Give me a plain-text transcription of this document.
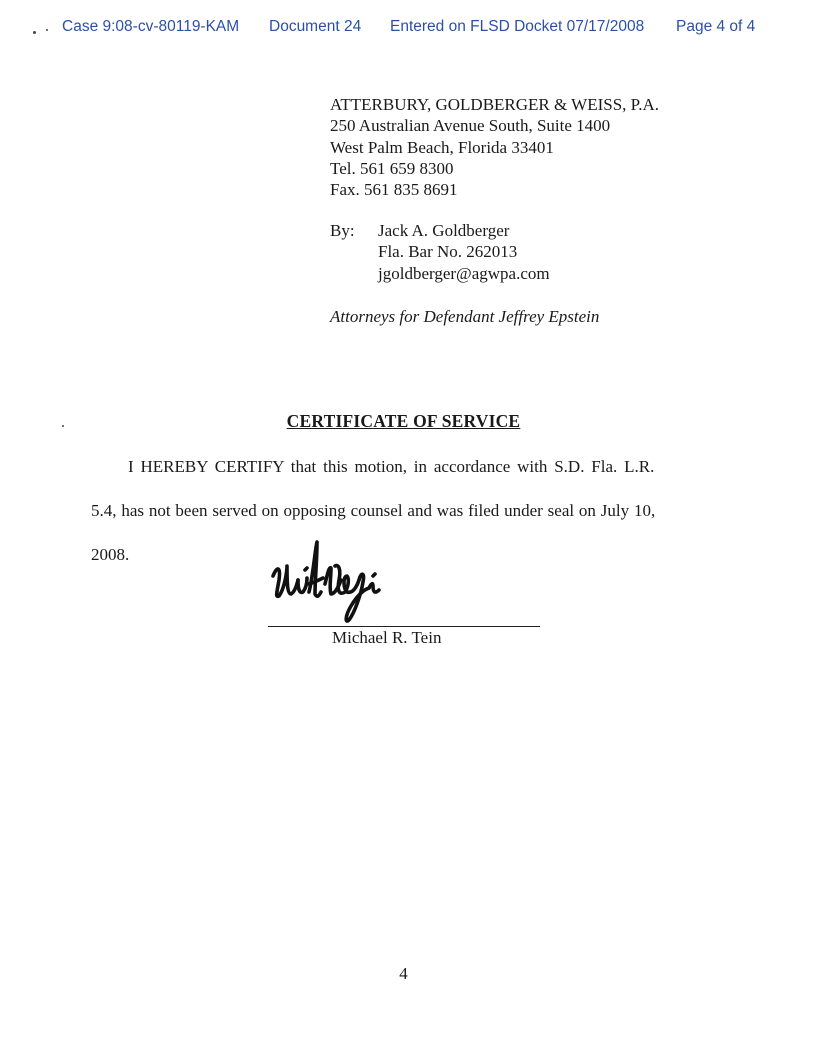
Case 9:08-cv-80119-KAM Document 24 Entered on FLSD Docket 07/17/2008 Page 4 of 4
ATTERBURY, GOLDBERGER & WEISS, P.A.
250 Australian Avenue South, Suite 1400
West Palm Beach, Florida 33401
Tel. 561 659 8300
Fax. 561 835 8691
By: Jack A. Goldberger
Fla. Bar No. 262013
jgoldberger@agwpa.com
Attorneys for Defendant Jeffrey Epstein
CERTIFICATE OF SERVICE
I HEREBY CERTIFY that this motion, in accordance with S.D. Fla. L.R.
5.4, has not been served on opposing counsel and was filed under seal on July 10,
2008.
Michael R. Tein
4
